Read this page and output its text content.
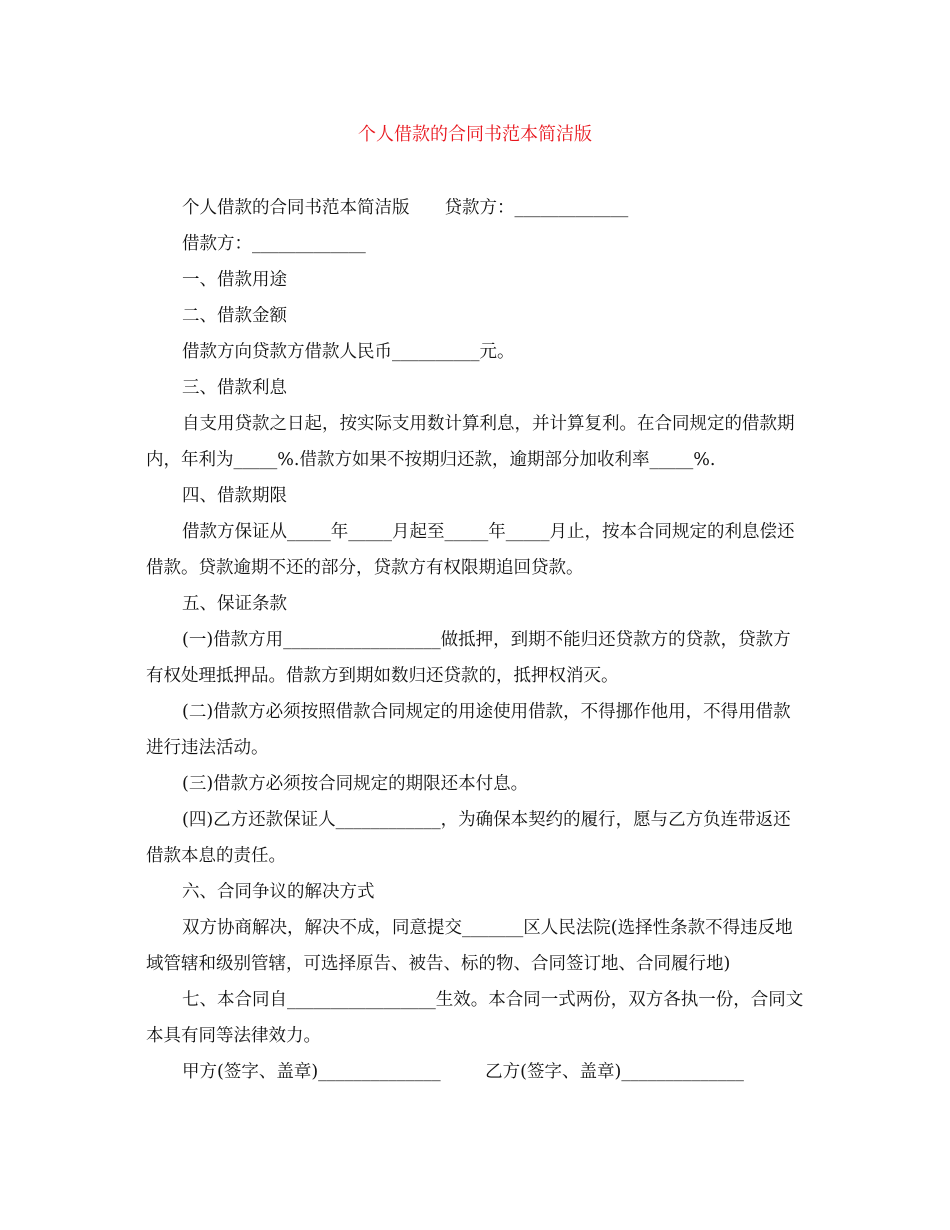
个人借款的合同书范本简洁版

个人借款的合同书范本简洁版　　贷款方：_____________

借款方：_____________

一、借款用途

二、借款金额

借款方向贷款方借款人民币__________元。

三、借款利息

自支用贷款之日起，按实际支用数计算利息，并计算复利。在合同规定的借款期内，年利为_____%.借款方如果不按期归还款，逾期部分加收利率_____%.

四、借款期限

借款方保证从_____年_____月起至_____年_____月止，按本合同规定的利息偿还借款。贷款逾期不还的部分，贷款方有权限期追回贷款。

五、保证条款

(一)借款方用__________________做抵押，到期不能归还贷款方的贷款，贷款方有权处理抵押品。借款方到期如数归还贷款的，抵押权消灭。

(二)借款方必须按照借款合同规定的用途使用借款，不得挪作他用，不得用借款进行违法活动。

(三)借款方必须按合同规定的期限还本付息。

(四)乙方还款保证人____________，为确保本契约的履行，愿与乙方负连带返还借款本息的责任。

六、合同争议的解决方式

双方协商解决，解决不成，同意提交_______区人民法院(选择性条款不得违反地域管辖和级别管辖，可选择原告、被告、标的物、合同签订地、合同履行地)

七、本合同自_________________生效。本合同一式两份，双方各执一份，合同文本具有同等法律效力。

甲方(签字、盖章)______________	乙方(签字、盖章)______________
